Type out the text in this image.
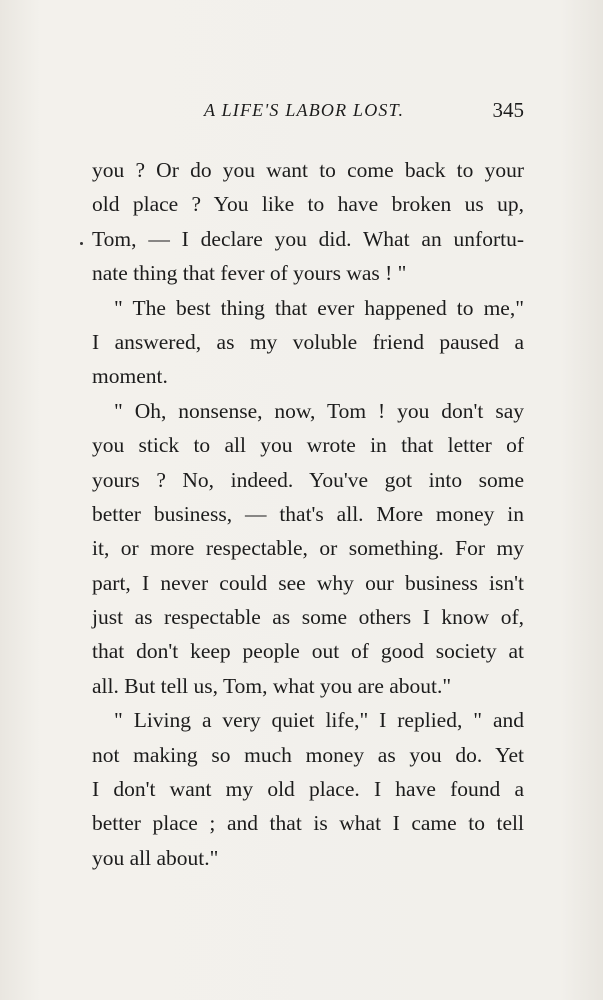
A LIFE'S LABOR LOST.	345
you ? Or do you want to come back to your
old place ? You like to have broken us up,
Tom, — I declare you did. What an unfortu-
nate thing that fever of yours was ! "
" The best thing that ever happened to me,"
I answered, as my voluble friend paused a
moment.
" Oh, nonsense, now, Tom ! you don't say
you stick to all you wrote in that letter of
yours ? No, indeed. You've got into some
better business, — that's all. More money in
it, or more respectable, or something. For my
part, I never could see why our business isn't
just as respectable as some others I know of,
that don't keep people out of good society at
all. But tell us, Tom, what you are about."
" Living a very quiet life," I replied, " and
not making so much money as you do. Yet
I don't want my old place. I have found a
better place ; and that is what I came to tell
you all about."
